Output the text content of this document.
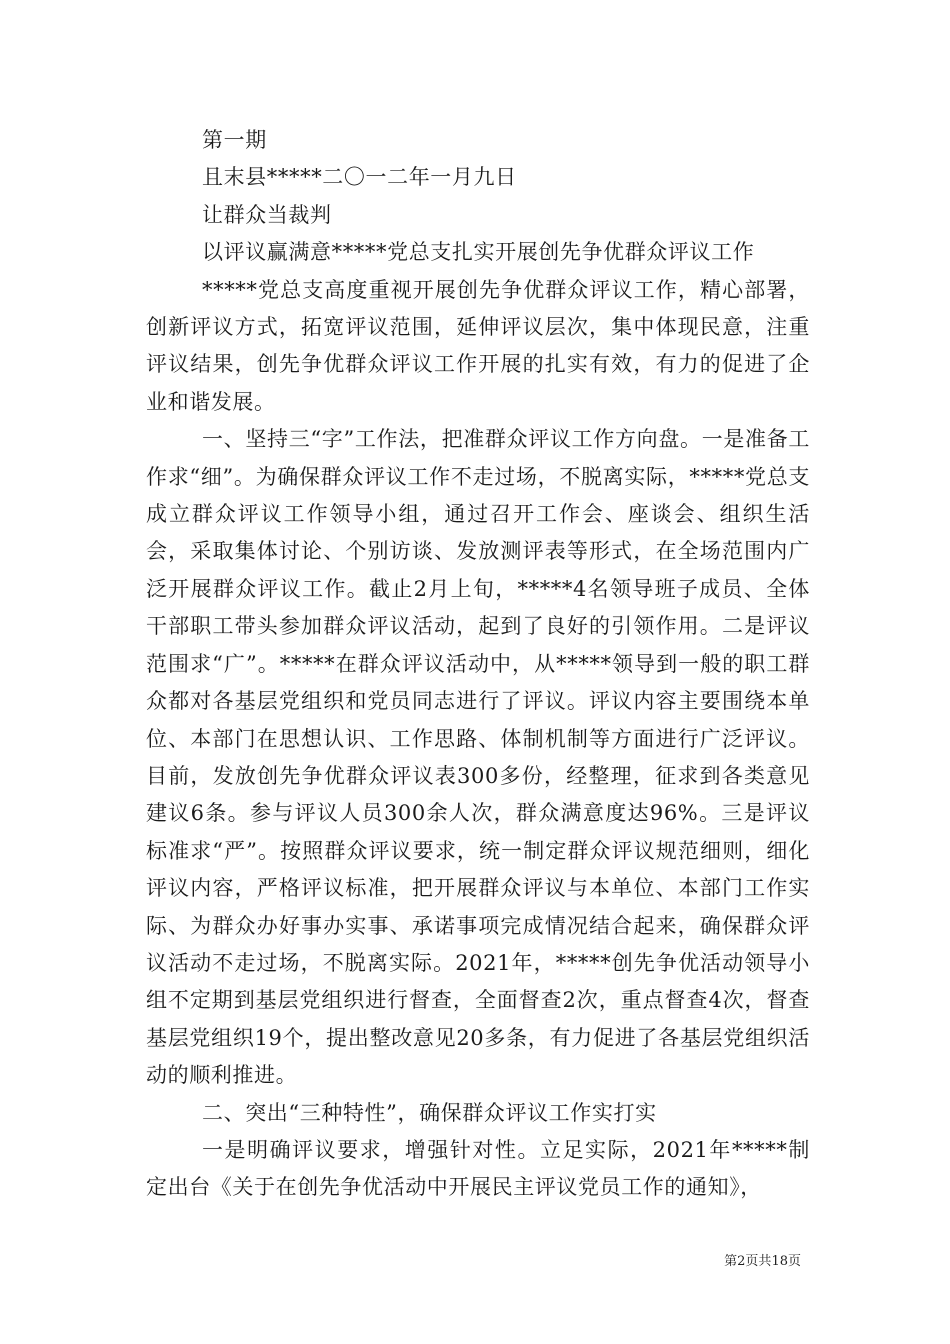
第一期

且末县*****二〇一二年一月九日

让群众当裁判

以评议赢满意*****党总支扎实开展创先争优群众评议工作

*****党总支高度重视开展创先争优群众评议工作，精心部署，创新评议方式，拓宽评议范围，延伸评议层次，集中体现民意，注重评议结果，创先争优群众评议工作开展的扎实有效，有力的促进了企业和谐发展。

一、坚持三“字”工作法，把准群众评议工作方向盘。一是准备工作求“细”。为确保群众评议工作不走过场，不脱离实际，*****党总支成立群众评议工作领导小组，通过召开工作会、座谈会、组织生活会，采取集体讨论、个别访谈、发放测评表等形式，在全场范围内广泛开展群众评议工作。截止2月上旬，*****4名领导班子成员、全体干部职工带头参加群众评议活动，起到了良好的引领作用。二是评议范围求“广”。*****在群众评议活动中，从*****领导到一般的职工群众都对各基层党组织和党员同志进行了评议。评议内容主要围绕本单位、本部门在思想认识、工作思路、体制机制等方面进行广泛评议。目前，发放创先争优群众评议表300多份，经整理，征求到各类意见建议6条。参与评议人员300余人次，群众满意度达96%。三是评议标准求“严”。按照群众评议要求，统一制定群众评议规范细则，细化评议内容，严格评议标准，把开展群众评议与本单位、本部门工作实际、为群众办好事办实事、承诺事项完成情况结合起来，确保群众评议活动不走过场，不脱离实际。2021年，*****创先争优活动领导小组不定期到基层党组织进行督查，全面督查2次，重点督查4次，督查基层党组织19个，提出整改意见20多条，有力促进了各基层党组织活动的顺利推进。

二、突出“三种特性”，确保群众评议工作实打实

一是明确评议要求，增强针对性。立足实际，2021年*****制定出台《关于在创先争优活动中开展民主评议党员工作的通知》，

第2页共18页
